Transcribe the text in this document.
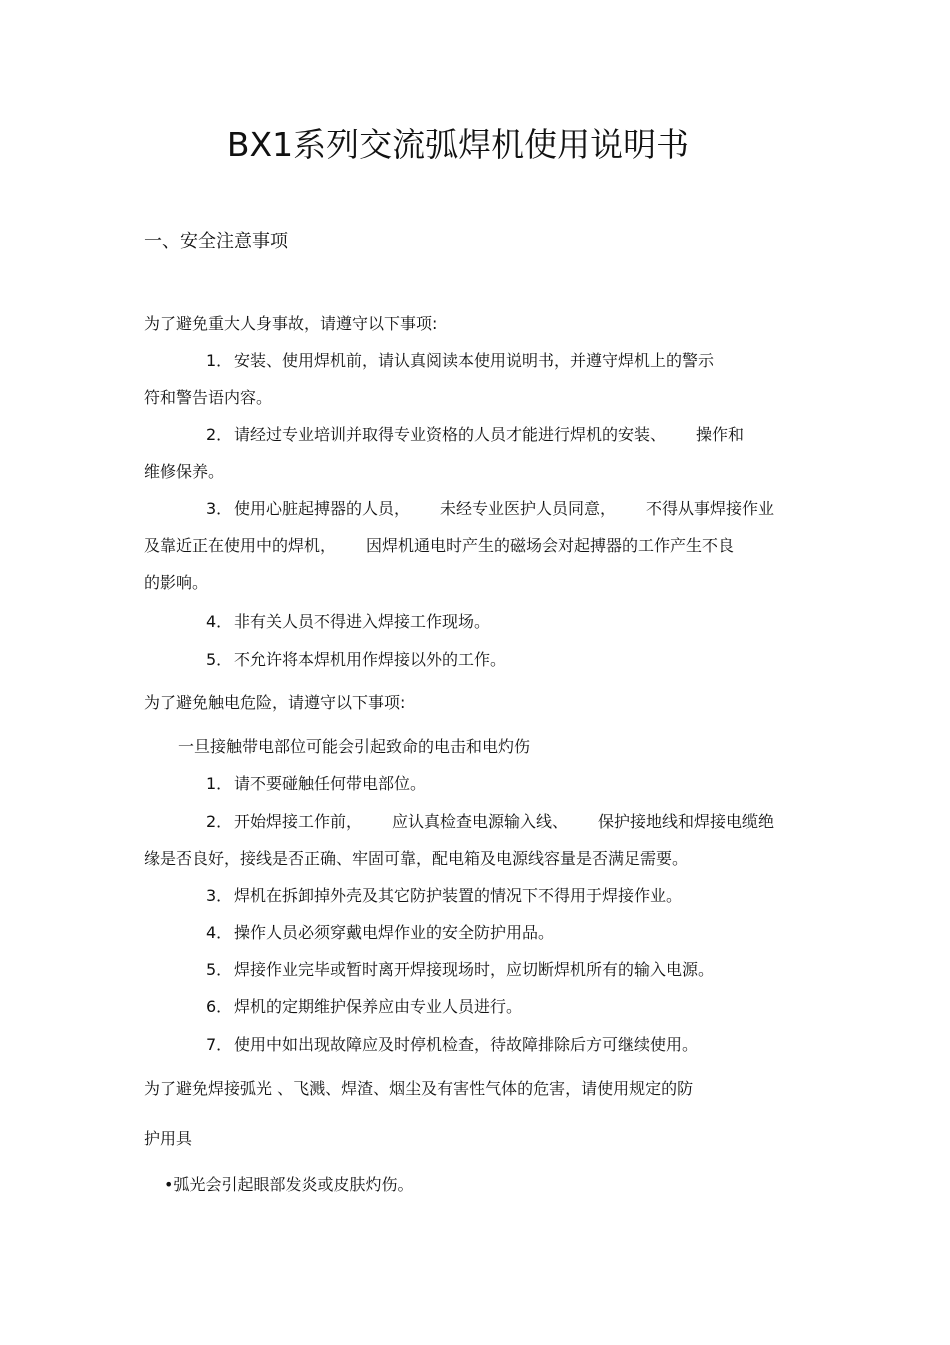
BX1系列交流弧焊机使用说明书
一、安全注意事项
为了避免重大人身事故，请遵守以下事项:
1． 安装、使用焊机前，请认真阅读本使用说明书，并遵守焊机上的警示
符和警告语内容。
2． 请经过专业培训并取得专业资格的人员才能进行焊机的安装、 操作和
维修保养。
3． 使用心脏起搏器的人员， 未经专业医护人员同意， 不得从事焊接作业
及靠近正在使用中的焊机， 因焊机通电时产生的磁场会对起搏器的工作产生不良
的影响。
4． 非有关人员不得进入焊接工作现场。
5． 不允许将本焊机用作焊接以外的工作。
为了避免触电危险，请遵守以下事项:
一旦接触带电部位可能会引起致命的电击和电灼伤
1． 请不要碰触任何带电部位。
2． 开始焊接工作前， 应认真检查电源输入线、 保护接地线和焊接电缆绝
缘是否良好，接线是否正确、牢固可靠，配电箱及电源线容量是否满足需要。
3． 焊机在拆卸掉外壳及其它防护装置的情况下不得用于焊接作业。
4． 操作人员必须穿戴电焊作业的安全防护用品。
5． 焊接作业完毕或暂时离开焊接现场时，应切断焊机所有的输入电源。
6． 焊机的定期维护保养应由专业人员进行。
7． 使用中如出现故障应及时停机检查，待故障排除后方可继续使用。
为了避免焊接弧光 、飞溅、焊渣、烟尘及有害性气体的危害，请使用规定的防
护用具
•弧光会引起眼部发炎或皮肤灼伤。
